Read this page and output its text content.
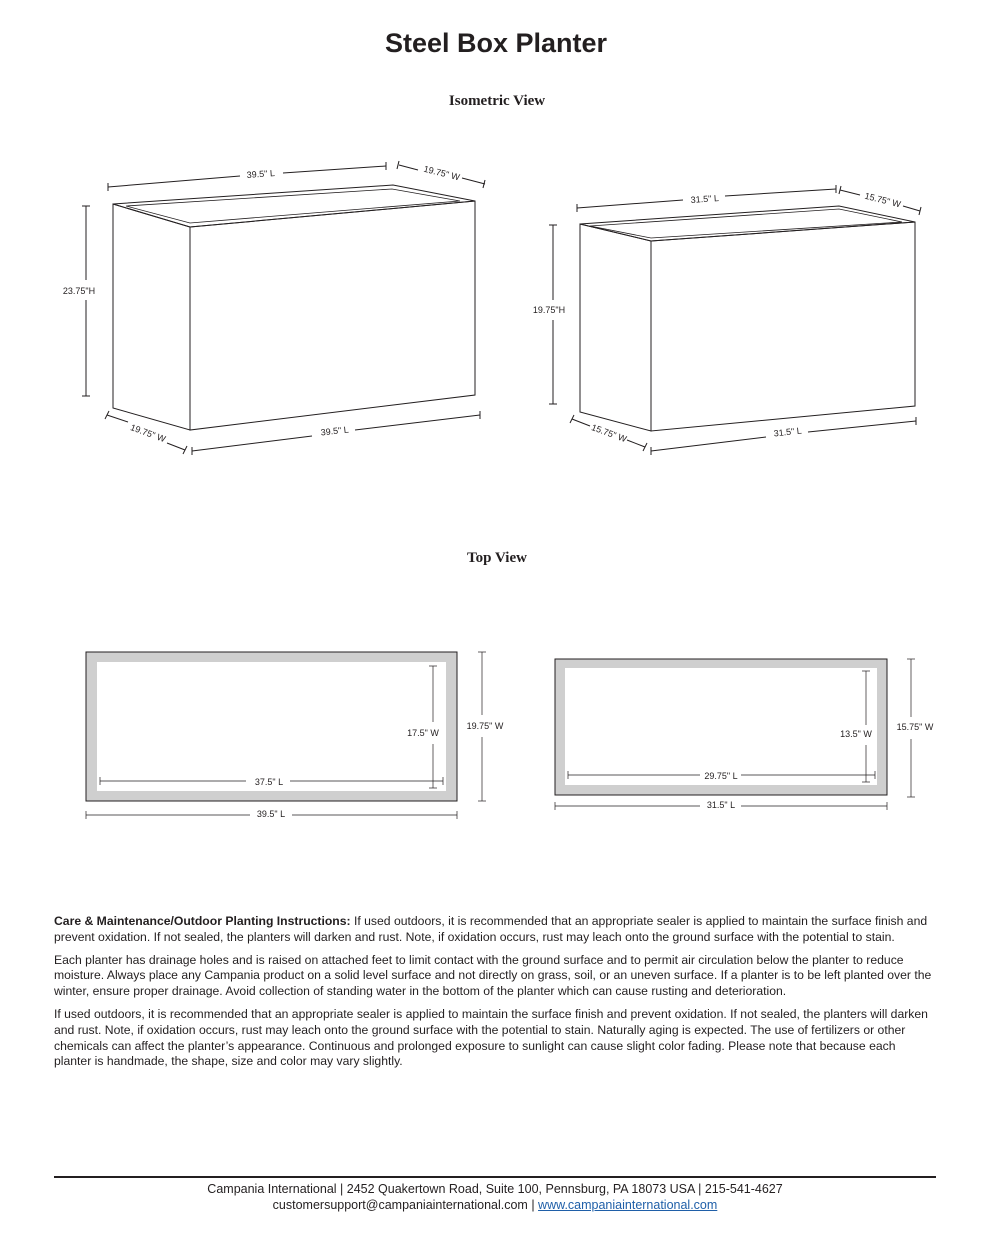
Steel Box Planter
Isometric View
Top View
39.5" L	19.75" W
23.75"H
19.75" W	39.5" L
31.5" L	15.75" W
19.75"H
15.75" W	31.5" L
17.5" W
19.75" W
37.5" L
39.5" L
13.5" W
15.75" W
29.75" L
31.5" L

Care & Maintenance/Outdoor Planting Instructions: If used outdoors, it is recommended that an appropriate sealer is applied to maintain the surface finish and prevent oxidation. If not sealed, the planters will darken and rust. Note, if oxidation occurs, rust may leach onto the ground surface with the potential to stain.

Each planter has drainage holes and is raised on attached feet to limit contact with the ground surface and to permit air circulation below the planter to reduce moisture. Always place any Campania product on a solid level surface and not directly on grass, soil, or an uneven surface. If a planter is to be left planted over the winter, ensure proper drainage. Avoid collection of standing water in the bottom of the planter which can cause rusting and deterioration.

If used outdoors, it is recommended that an appropriate sealer is applied to maintain the surface finish and prevent oxidation. If not sealed, the planters will darken and rust. Note, if oxidation occurs, rust may leach onto the ground surface with the potential to stain. Naturally aging is expected. The use of fertilizers or other chemicals can affect the planter’s appearance. Continuous and prolonged exposure to sunlight can cause slight color fading. Please note that because each planter is handmade, the shape, size and color may vary slightly.

Campania International | 2452 Quakertown Road, Suite 100, Pennsburg, PA 18073 USA | 215-541-4627
customersupport@campaniainternational.com | www.campaniainternational.com
